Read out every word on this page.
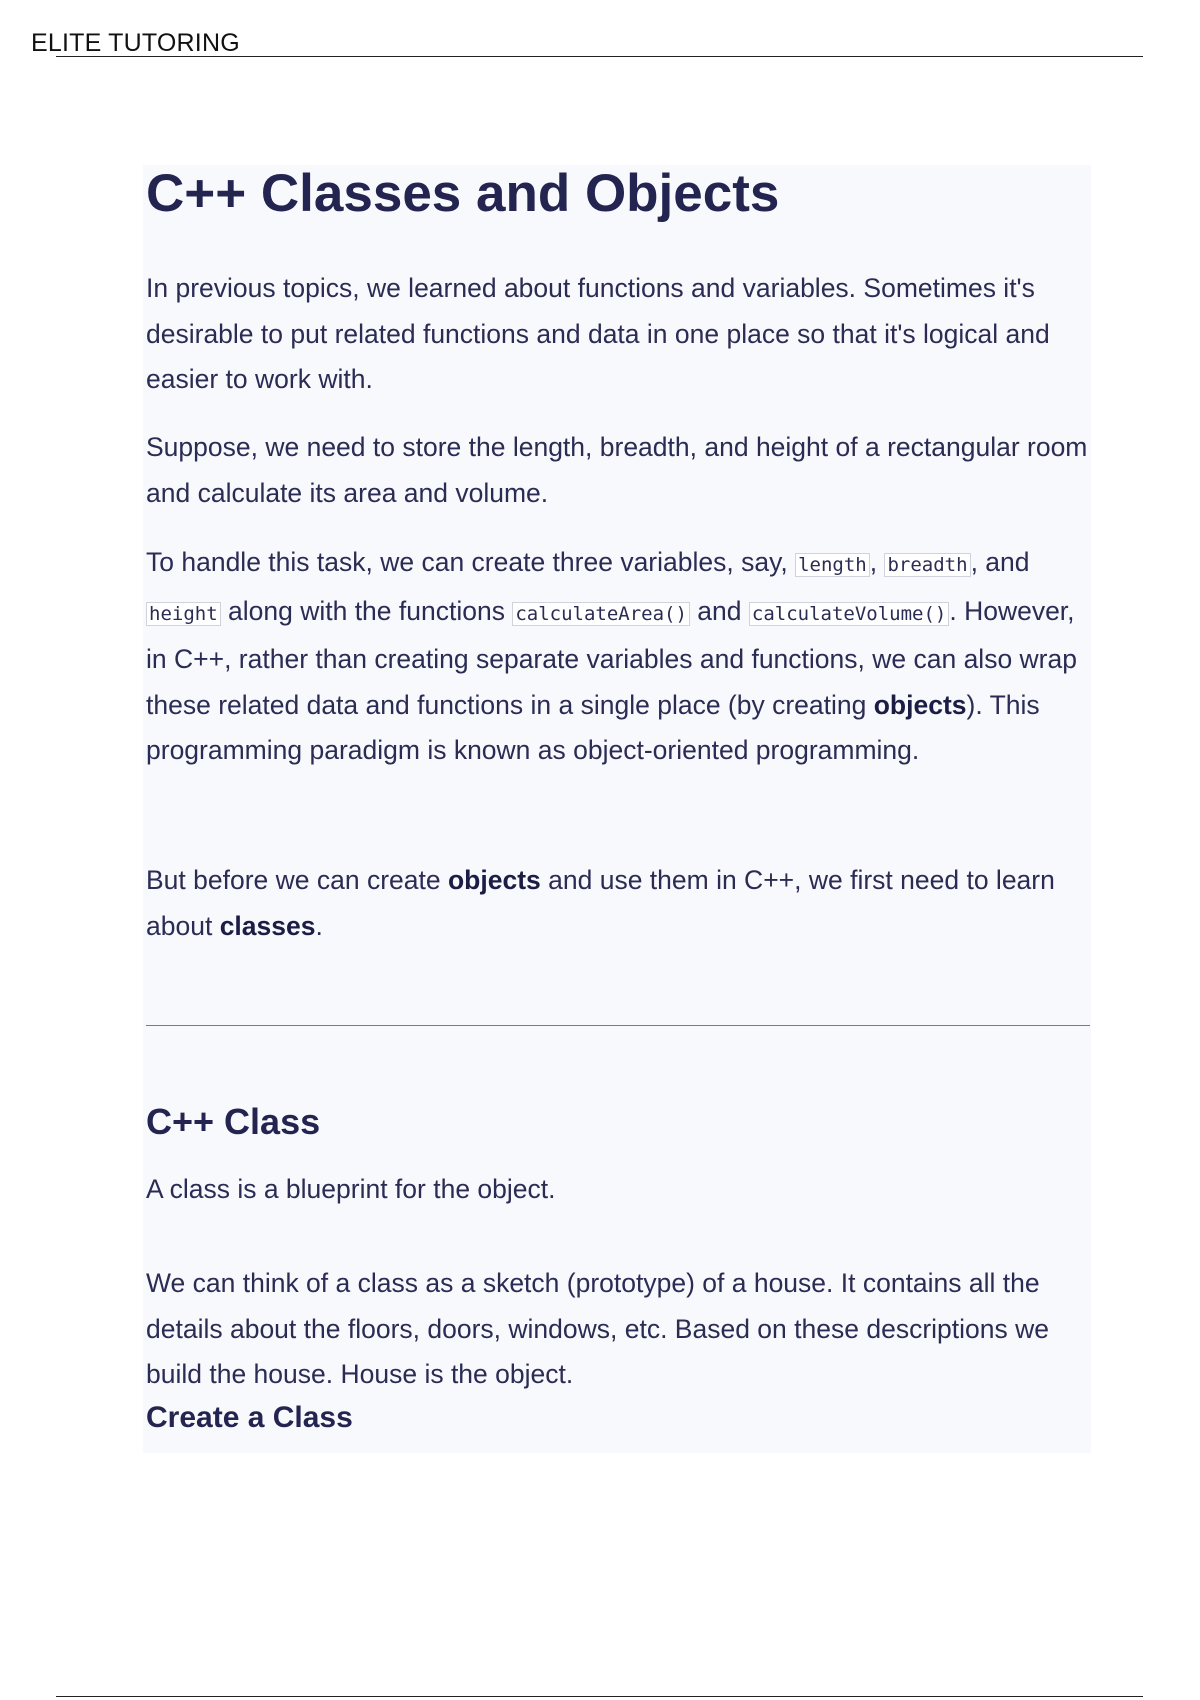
ELITE TUTORING
C++ Classes and Objects

In previous topics, we learned about functions and variables. Sometimes it's desirable to put related functions and data in one place so that it's logical and easier to work with.

Suppose, we need to store the length, breadth, and height of a rectangular room and calculate its area and volume.

To handle this task, we can create three variables, say, length , breadth , and height along with the functions calculateArea() and calculateVolume() . However, in C++, rather than creating separate variables and functions, we can also wrap these related data and functions in a single place (by creating objects). This programming paradigm is known as object-oriented programming.

But before we can create objects and use them in C++, we first need to learn about classes.

C++ Class

A class is a blueprint for the object.

We can think of a class as a sketch (prototype) of a house. It contains all the details about the floors, doors, windows, etc. Based on these descriptions we build the house. House is the object.

Create a Class
